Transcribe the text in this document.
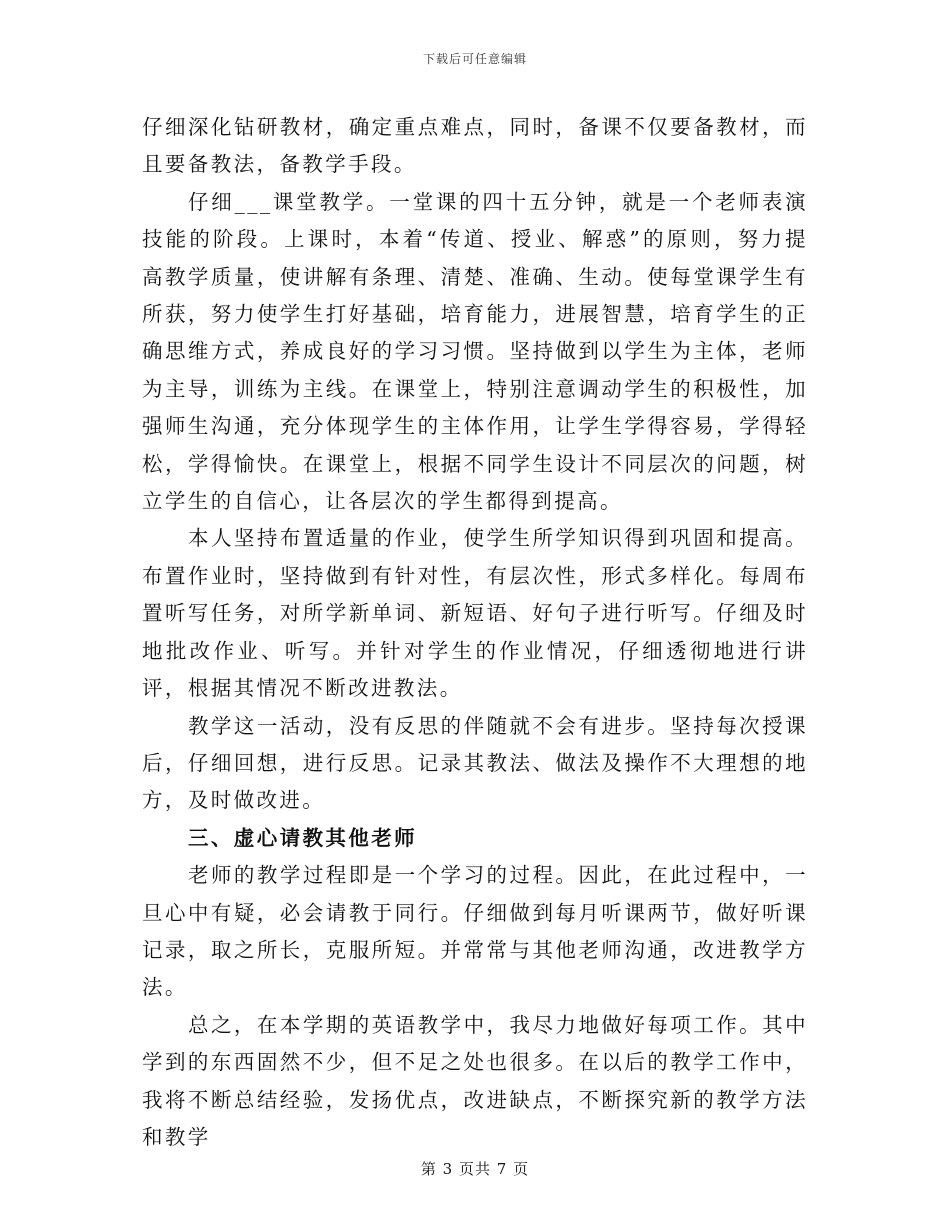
下载后可任意编辑

仔细深化钻研教材，确定重点难点，同时，备课不仅要备教材，而且要备教法，备教学手段。

仔细___课堂教学。一堂课的四十五分钟，就是一个老师表演技能的阶段。上课时，本着“传道、授业、解惑”的原则，努力提高教学质量，使讲解有条理、清楚、准确、生动。使每堂课学生有所获，努力使学生打好基础，培育能力，进展智慧，培育学生的正确思维方式，养成良好的学习习惯。坚持做到以学生为主体，老师为主导，训练为主线。在课堂上，特别注意调动学生的积极性，加强师生沟通，充分体现学生的主体作用，让学生学得容易，学得轻松，学得愉快。在课堂上，根据不同学生设计不同层次的问题，树立学生的自信心，让各层次的学生都得到提高。

本人坚持布置适量的作业，使学生所学知识得到巩固和提高。布置作业时，坚持做到有针对性，有层次性，形式多样化。每周布置听写任务，对所学新单词、新短语、好句子进行听写。仔细及时地批改作业、听写。并针对学生的作业情况，仔细透彻地进行讲评，根据其情况不断改进教法。

教学这一活动，没有反思的伴随就不会有进步。坚持每次授课后，仔细回想，进行反思。记录其教法、做法及操作不大理想的地方，及时做改进。

三、虚心请教其他老师

老师的教学过程即是一个学习的过程。因此，在此过程中，一旦心中有疑，必会请教于同行。仔细做到每月听课两节，做好听课记录，取之所长，克服所短。并常常与其他老师沟通，改进教学方法。

总之，在本学期的英语教学中，我尽力地做好每项工作。其中学到的东西固然不少，但不足之处也很多。在以后的教学工作中，我将不断总结经验，发扬优点，改进缺点，不断探究新的教学方法和教学

第 3 页共 7 页
